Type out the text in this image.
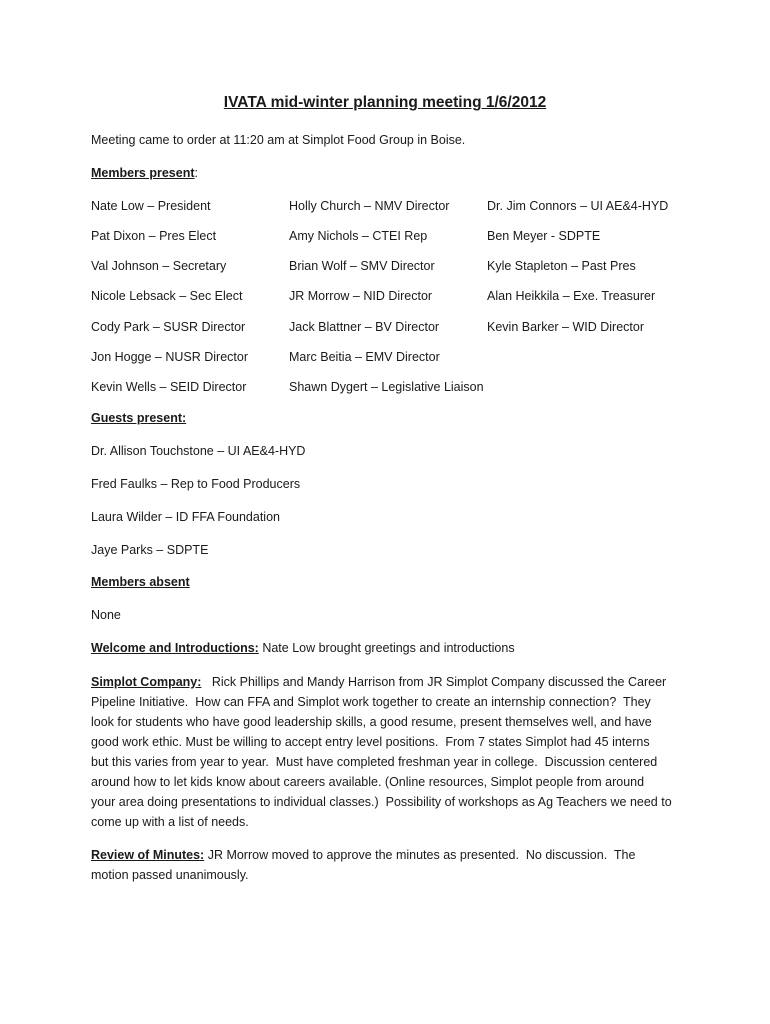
IVATA mid-winter planning meeting 1/6/2012
Meeting came to order at 11:20 am at Simplot Food Group in Boise.
Members present:
Nate Low – President
Pat Dixon – Pres Elect
Val Johnson – Secretary
Nicole Lebsack – Sec Elect
Cody Park – SUSR Director
Jon Hogge – NUSR Director
Kevin Wells – SEID Director
Holly Church – NMV Director
Amy Nichols – CTEI Rep
Brian Wolf – SMV Director
JR Morrow – NID Director
Jack Blattner – BV Director
Marc Beitia – EMV Director
Shawn Dygert – Legislative Liaison
Dr. Jim Connors – UI AE&4-HYD
Ben Meyer - SDPTE
Kyle Stapleton – Past Pres
Alan Heikkila – Exe. Treasurer
Kevin Barker – WID Director
Guests present:
Dr. Allison Touchstone – UI AE&4-HYD
Fred Faulks – Rep to Food Producers
Laura Wilder – ID FFA Foundation
Jaye Parks – SDPTE
Members absent
None
Welcome and Introductions: Nate Low brought greetings and introductions
Simplot Company:   Rick Phillips and Mandy Harrison from JR Simplot Company discussed the Career
Pipeline Initiative.  How can FFA and Simplot work together to create an internship connection?  They
look for students who have good leadership skills, a good resume, present themselves well, and have
good work ethic. Must be willing to accept entry level positions.  From 7 states Simplot had 45 interns
but this varies from year to year.  Must have completed freshman year in college.  Discussion centered
around how to let kids know about careers available. (Online resources, Simplot people from around
your area doing presentations to individual classes.)  Possibility of workshops as Ag Teachers we need to
come up with a list of needs.
Review of Minutes: JR Morrow moved to approve the minutes as presented.  No discussion.  The
motion passed unanimously.
